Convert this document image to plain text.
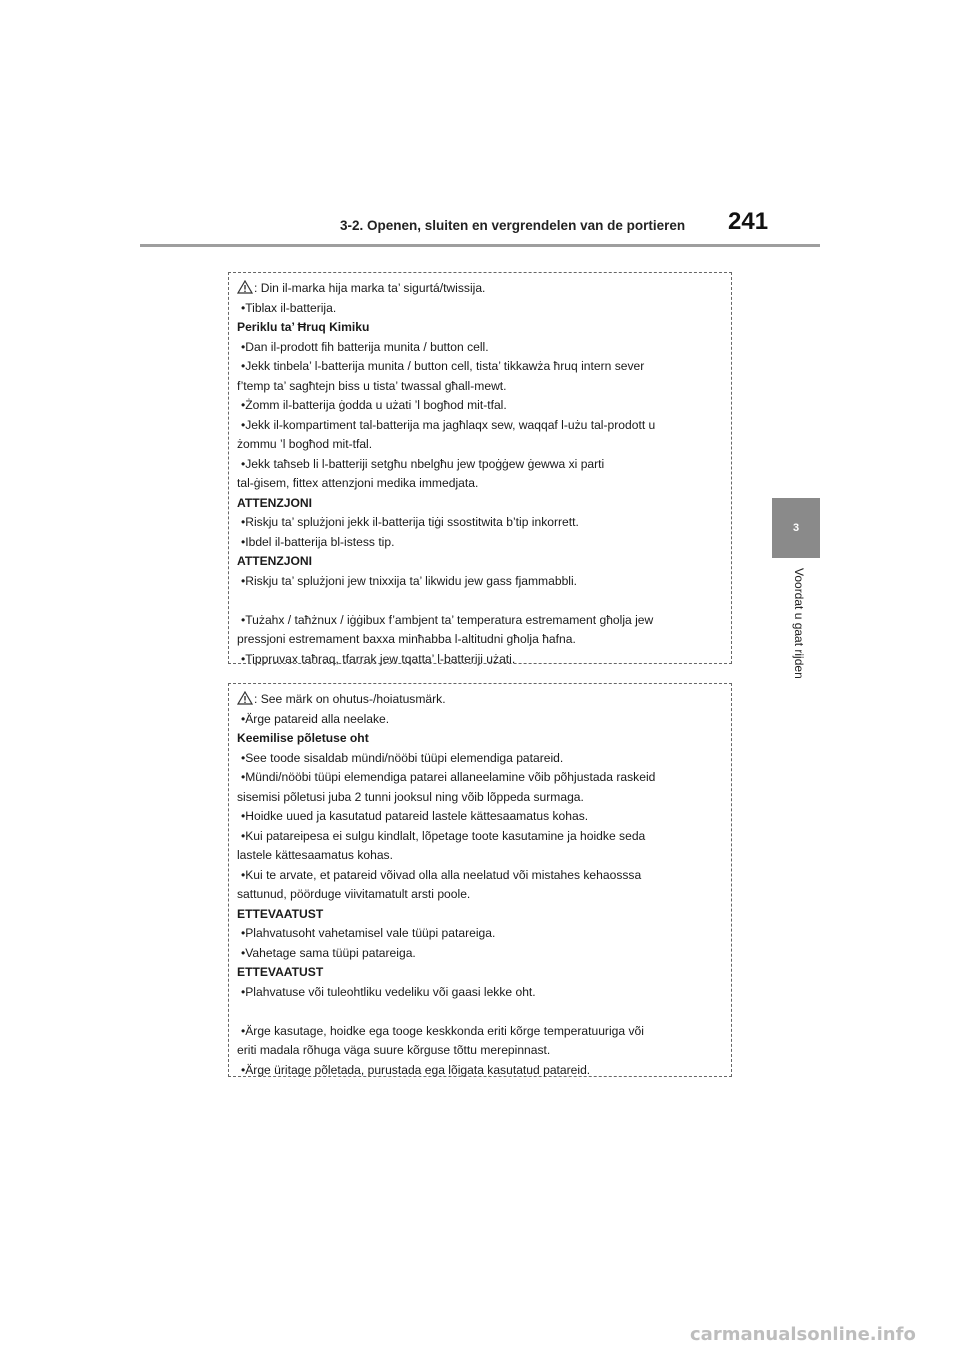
3-2. Openen, sluiten en vergrendelen van de portieren	241
3
Voordat u gaat rijden
: Din il-marka hija marka ta’ sigurtá/twissija.
•Tiblax il-batterija.
Periklu ta’ Ħruq Kimiku
•Dan il-prodott fih batterija munita / button cell.
•Jekk tinbela’ l-batterija munita / button cell, tista’ tikkawża ħruq intern sever
f’temp ta’ sagħtejn biss u tista’ twassal għall-mewt.
•Żomm il-batterija ġodda u użati ’l bogħod mit-tfal.
•Jekk il-kompartiment tal-batterija ma jagħlaqx sew, waqqaf l-użu tal-prodott u
żommu ’l bogħod mit-tfal.
•Jekk taħseb li l-batteriji setgħu nbelgħu jew tpoġġew ġewwa xi parti
tal-ġisem, fittex attenzjoni medika immedjata.
ATTENZJONI
•Riskju ta’ splużjoni jekk il-batterija tiġi ssostitwita b’tip inkorrett.
•Ibdel il-batterija bl-istess tip.
ATTENZJONI
•Riskju ta’ splużjoni jew tnixxija ta’ likwidu jew gass fjammabbli.
•Tużahx / taħżnux / iġġibux f’ambjent ta’ temperatura estremament għolja jew
pressjoni estremament baxxa minħabba l-altitudni għolja ħafna.
•Tippruvax taħraq, tfarrak jew tqatta’ l-batteriji użati.
: See märk on ohutus-/hoiatusmärk.
•Ärge patareid alla neelake.
Keemilise põletuse oht
•See toode sisaldab mündi/nööbi tüüpi elemendiga patareid.
•Mündi/nööbi tüüpi elemendiga patarei allaneelamine võib põhjustada raskeid
sisemisi põletusi juba 2 tunni jooksul ning võib lõppeda surmaga.
•Hoidke uued ja kasutatud patareid lastele kättesaamatus kohas.
•Kui patareipesa ei sulgu kindlalt, lõpetage toote kasutamine ja hoidke seda
lastele kättesaamatus kohas.
•Kui te arvate, et patareid võivad olla alla neelatud või mistahes kehaosssa
sattunud, pöörduge viivitamatult arsti poole.
ETTEVAATUST
•Plahvatusoht vahetamisel vale tüüpi patareiga.
•Vahetage sama tüüpi patareiga.
ETTEVAATUST
•Plahvatuse või tuleohtliku vedeliku või gaasi lekke oht.
•Ärge kasutage, hoidke ega tooge keskkonda eriti kõrge temperatuuriga või
eriti madala rõhuga väga suure kõrguse tõttu merepinnast.
•Ärge üritage põletada, purustada ega lõigata kasutatud patareid.
carmanualsonline.info
